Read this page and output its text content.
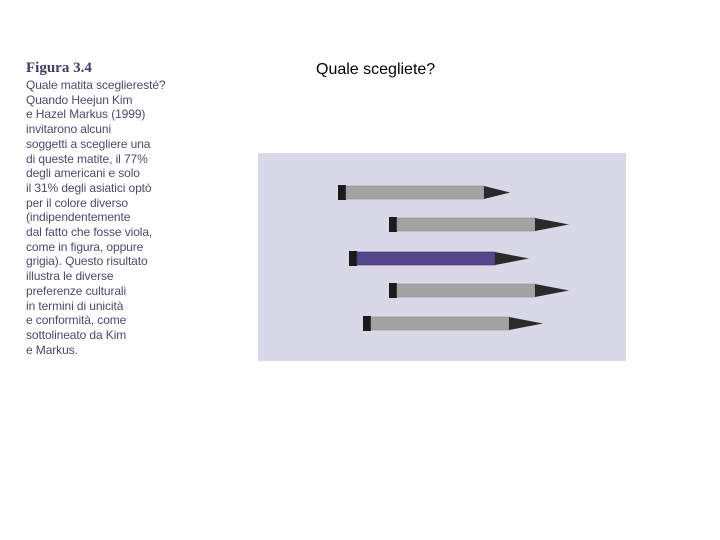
Figura 3.4
Quale matita sceglieresté?
Quando Heejun Kim
e Hazel Markus (1999)
invitarono alcuni
soggetti a scegliere una
di queste matite, il 77%
degli americani e solo
il 31% degli asiatici optò
per il colore diverso
(indipendentemente
dal fatto che fosse viola,
come in figura, oppure
grigia). Questo risultato
illustra le diverse
preferenze culturali
in termini di unicità
e conformità, come
sottolineato da Kim
e Markus.
Quale scegliete?
